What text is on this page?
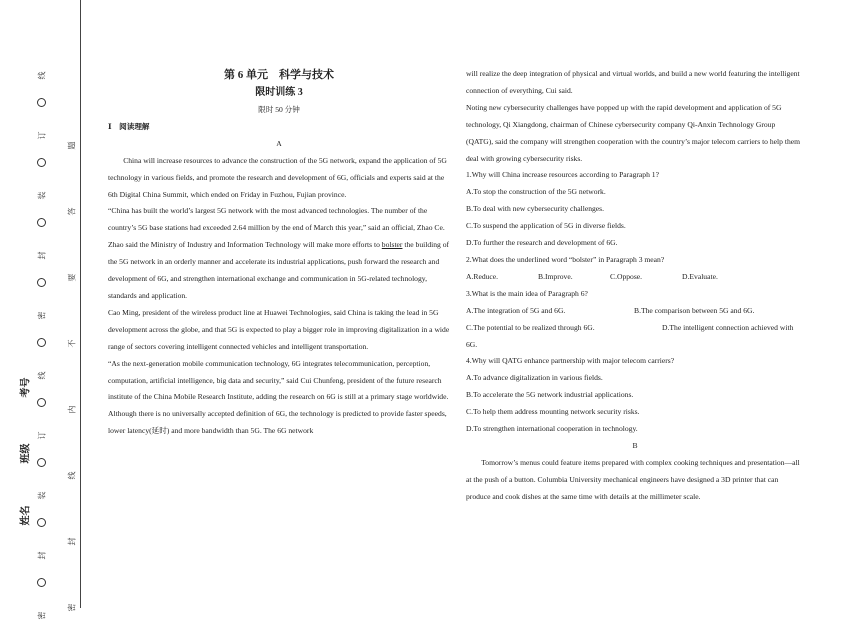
线
订
装
封
密
线
订
装
封
密
题
答
要
不
内
线
封
密
考号
班级
姓名
第 6 单元　科学与技术
限时训练 3
限时 50 分钟
Ⅰ　阅读理解
A

China will increase resources to advance the construction of the 5G network, expand the application of 5G technology in various fields, and promote the research and development of 6G, officials and experts said at the 6th Digital China Summit, which ended on Friday in Fuzhou, Fujian province.

“China has built the world’s largest 5G network with the most advanced technologies. The number of the country’s 5G base stations had exceeded 2.64 million by the end of March this year,” said an official, Zhao Ce.

Zhao said the Ministry of Industry and Information Technology will make more efforts to bolster the building of the 5G network in an orderly manner and accelerate its industrial applications, push forward the research and development of 6G, and strengthen international exchange and communication in 5G-related technology, standards and application.

Cao Ming, president of the wireless product line at Huawei Technologies, said China is taking the lead in 5G development across the globe, and that 5G is expected to play a bigger role in improving digitalization in a wide range of sectors covering intelligent connected vehicles and intelligent transportation.

“As the next-generation mobile communication technology, 6G integrates telecommunication, perception, computation, artificial intelligence, big data and security,” said Cui Chunfeng, president of the future research institute of the China Mobile Research Institute, adding the research on 6G is still at a primary stage worldwide.

Although there is no universally accepted definition of 6G, the technology is predicted to provide faster speeds, lower latency(延时) and more bandwidth than 5G. The 6G network

will realize the deep integration of physical and virtual worlds, and build a new world featuring the intelligent connection of everything, Cui said.

Noting new cybersecurity challenges have popped up with the rapid development and application of 5G technology, Qi Xiangdong, chairman of Chinese cybersecurity company Qi-Anxin Technology Group (QATG), said the company will strengthen cooperation with the country’s major telecom carriers to help them deal with growing cybersecurity risks.

1.Why will China increase resources according to Paragraph 1?
A.To stop the construction of the 5G network.
B.To deal with new cybersecurity challenges.
C.To suspend the application of 5G in diverse fields.
D.To further the research and development of 6G.
2.What does the underlined word “bolster” in Paragraph 3 mean?
A.Reduce.	B.Improve.	C.Oppose.	D.Evaluate.
3.What is the main idea of Paragraph 6?
A.The integration of 5G and 6G.	B.The comparison between 5G and 6G.
C.The potential to be realized through 6G.	D.The intelligent connection achieved with 6G.
4.Why will QATG enhance partnership with major telecom carriers?
A.To advance digitalization in various fields.
B.To accelerate the 5G network industrial applications.
C.To help them address mounting network security risks.
D.To strengthen international cooperation in technology.
B

Tomorrow’s menus could feature items prepared with complex cooking techniques and presentation—all at the push of a button. Columbia University mechanical engineers have designed a 3D printer that can produce and cook dishes at the same time with details at the millimeter scale.
